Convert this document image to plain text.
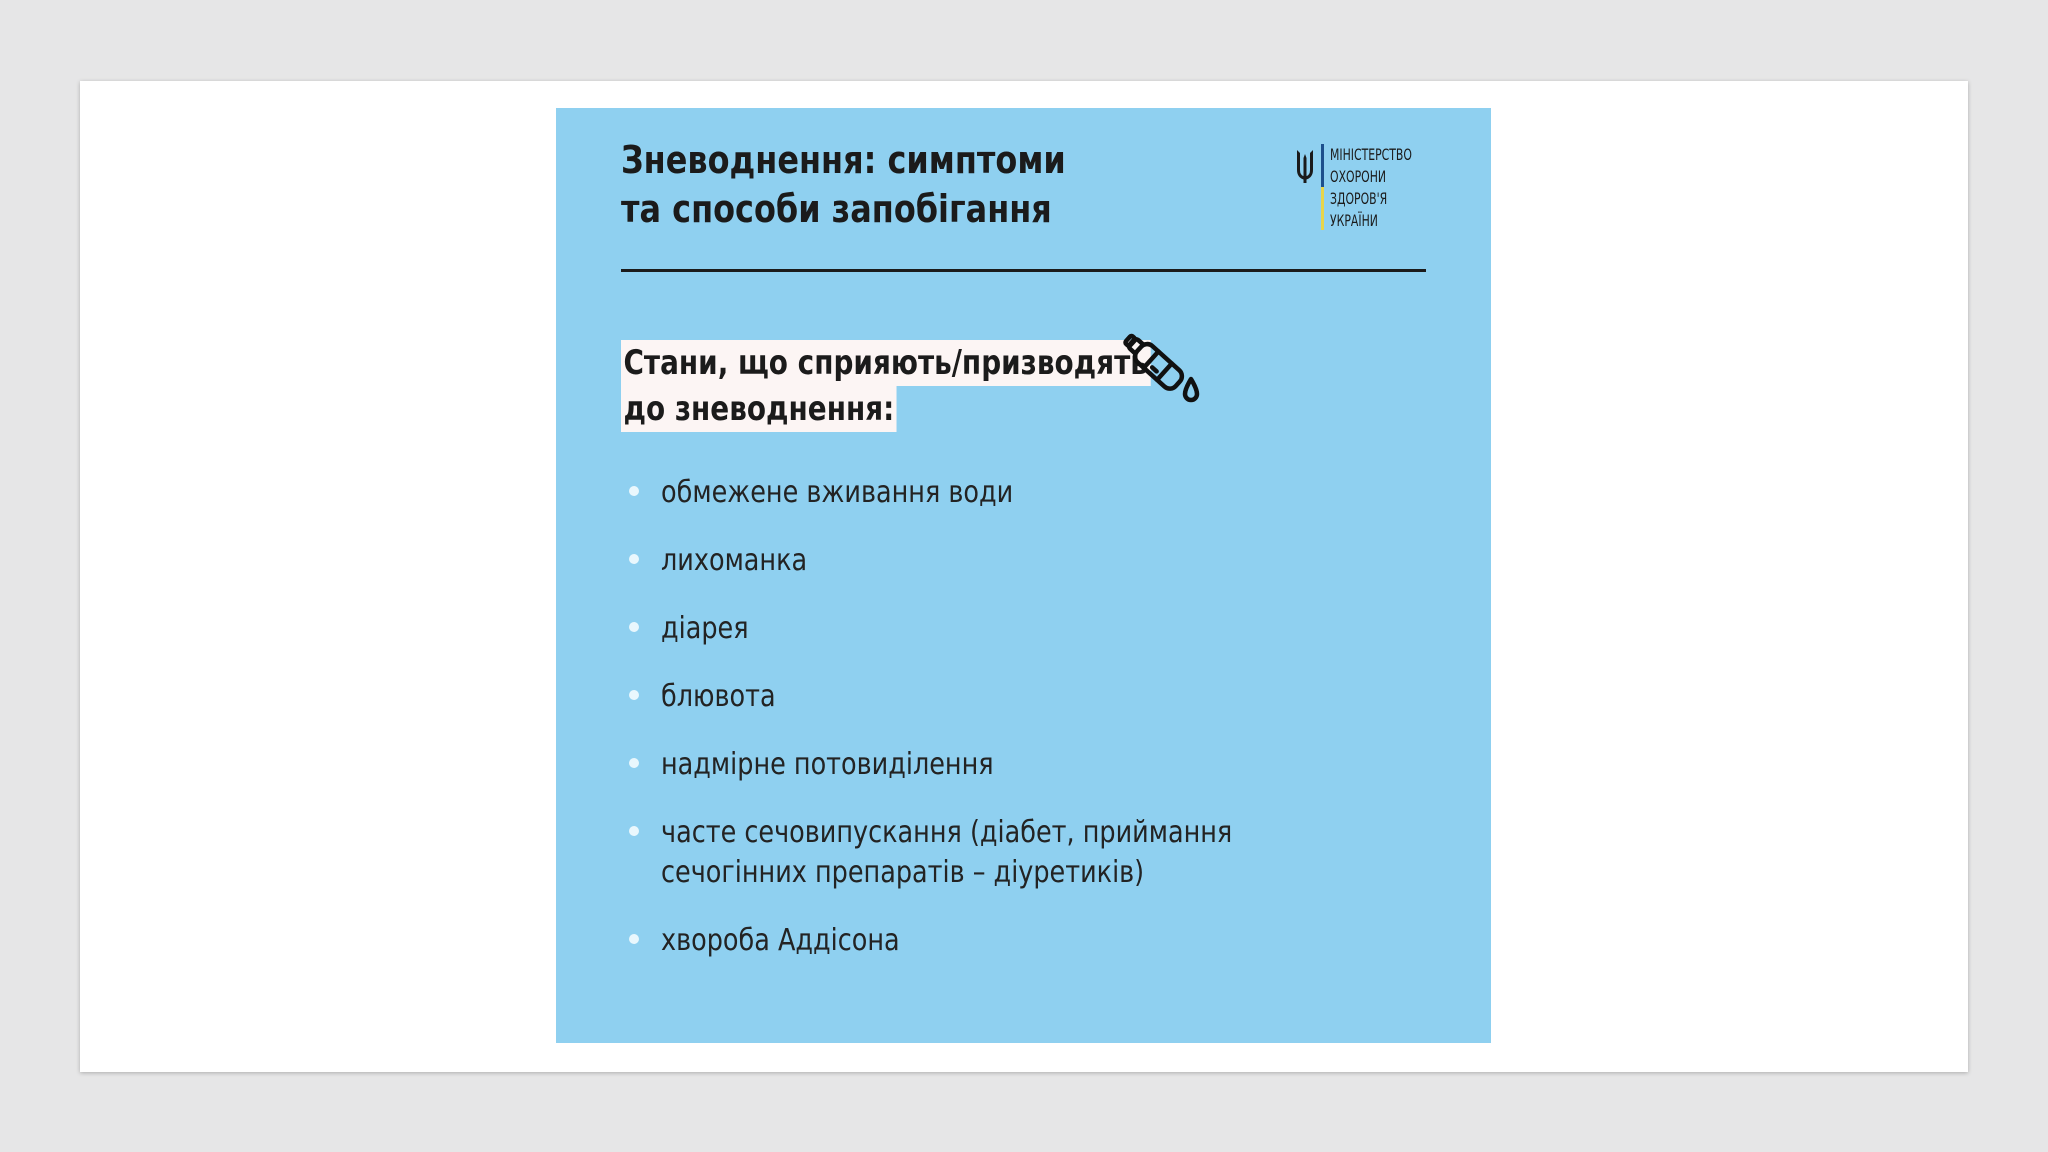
Зневоднення: симптоми
та способи запобігання
МІНІСТЕРСТВО
ОХОРОНИ
ЗДОРОВ'Я
УКРАЇНИ
Стани, що сприяють/призводять
до зневоднення:
обмежене вживання води
лихоманка
діарея
блювота
надмірне потовиділення
часте сечовипускання (діабет, приймання
сечогінних препаратів – діуретиків)
хвороба Аддісона
